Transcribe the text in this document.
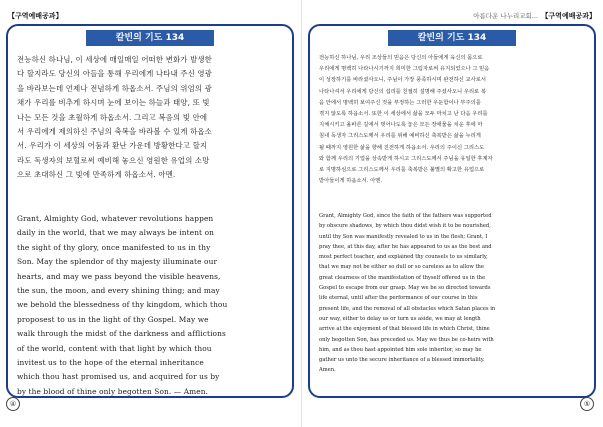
【구역예배공과】
칼빈의 기도 134

전능하신 하나님, 이 세상에 매일매일 어떠한 변화가 발생한
다 할지라도 당신의 아들을 통해 우리에게 나타내 주신 영광
을 바라보는데 언제나 전념하게 하옵소서. 주님의 위엄의 광
채가 우리를 비추게 하시며 눈에 보이는 하늘과 태양, 또 빛
나는 모든 것을 초월하게 하옵소서. 그리고 복음의 빛 안에
서 우리에게 제의하신 주님의 축복을 바라볼 수 있게 하옵소
서. 우리가 이 세상의 어둠과 환난 가운데 방황한다고 할지
라도 독생자의 보혈로써 예비해 놓으신 영원한 유업의 소망
으로 초대하신 그 빛에 만족하게 하옵소서. 아멘.

Grant, Almighty God, whatever revolutions happen
daily in the world, that we may always be intent on
the sight of thy glory, once manifested to us in thy
Son. May the splendor of thy majesty illuminate our
hearts, and may we pass beyond the visible heavens,
the sun, the moon, and every shining thing; and may
we behold the blessedness of thy kingdom, which thou
proposest to us in the light of thy Gospel. May we
walk through the midst of the darkness and afflictions
of the world, content with that light by which thou
invitest us to the hope of the eternal inheritance
which thou hast promised us, and acquired for us by
by the blood of thine only begotten Son. — Amen.

④
아름다운 나누리교회... 【구역예배공과】
칼빈의 기도 134

전능하신 하나님, 우리 조상들의 믿음은 당신의 아들에게 육신의 몸으로
우리에게 명백히 나타나시기까지 희미한 그림자로써 유지되었으나 그 믿음
이 성장하기를 바라셨사오니, 주님이 가장 풍족하시며 완전하신 교사로서
나타나셔서 우리에게 당신의 섭리를 친절히 설명해 주셨사오니 우리로 복
음 안에서 명백히 보여주신 것을 부정하는 그러한 우둔함이나 부주의를
겪지 않도록 하옵소서. 또한 이 세상에서 삶을 모두 마치고 난 다음 우리를
지체시키고 올바른 길에서 벗어나도록 놓은 모든 장애물을 치운 후에 마
침내 독생자 그리스도께서 우리를 위해 예비하신 축복받은 삶을 누리게
될 때까지 영원한 삶을 향해 진전하게 하옵소서. 우리의 주이신 그리스도
와 함께 우리의 기업을 상속받게 하시고 그리스도께서 주님을 유일한 후계자
로 지명하심으로 그리스도께서 우리를 축복받은 불멸의 확고한 유업으로
받아들이게 하옵소서. 아멘.

Grant, Almighty God, since the faith of the fathers was supported
by obscure shadows, by which thou didst wish it to be nourished,
until thy Son was manifestly revealed to us in the flesh; Grant, I
pray thee, at this day, after he has appeared to us as the best and
most perfect teacher, and explained thy counsels to us similarly,
that we may not be either so dull or so careless as to allow the
great clearness of the manifestation of thyself offered us in the
Gospel to escape from our grasp. May we be so directed towards
life eternal, until after the performance of our course in this
present life, and the removal of all obstacles which Satan places in
our way, either to delay us or turn us aside, we may at length
arrive at the enjoyment of that blessed life in which Christ, thine
only begotten Son, has preceded us. May we thus be co-heirs with
him, and as thou hast appointed him sole inheritor, so may he
gather us unto the secure inheritance of a blessed immortality.
Amen.

⑤
